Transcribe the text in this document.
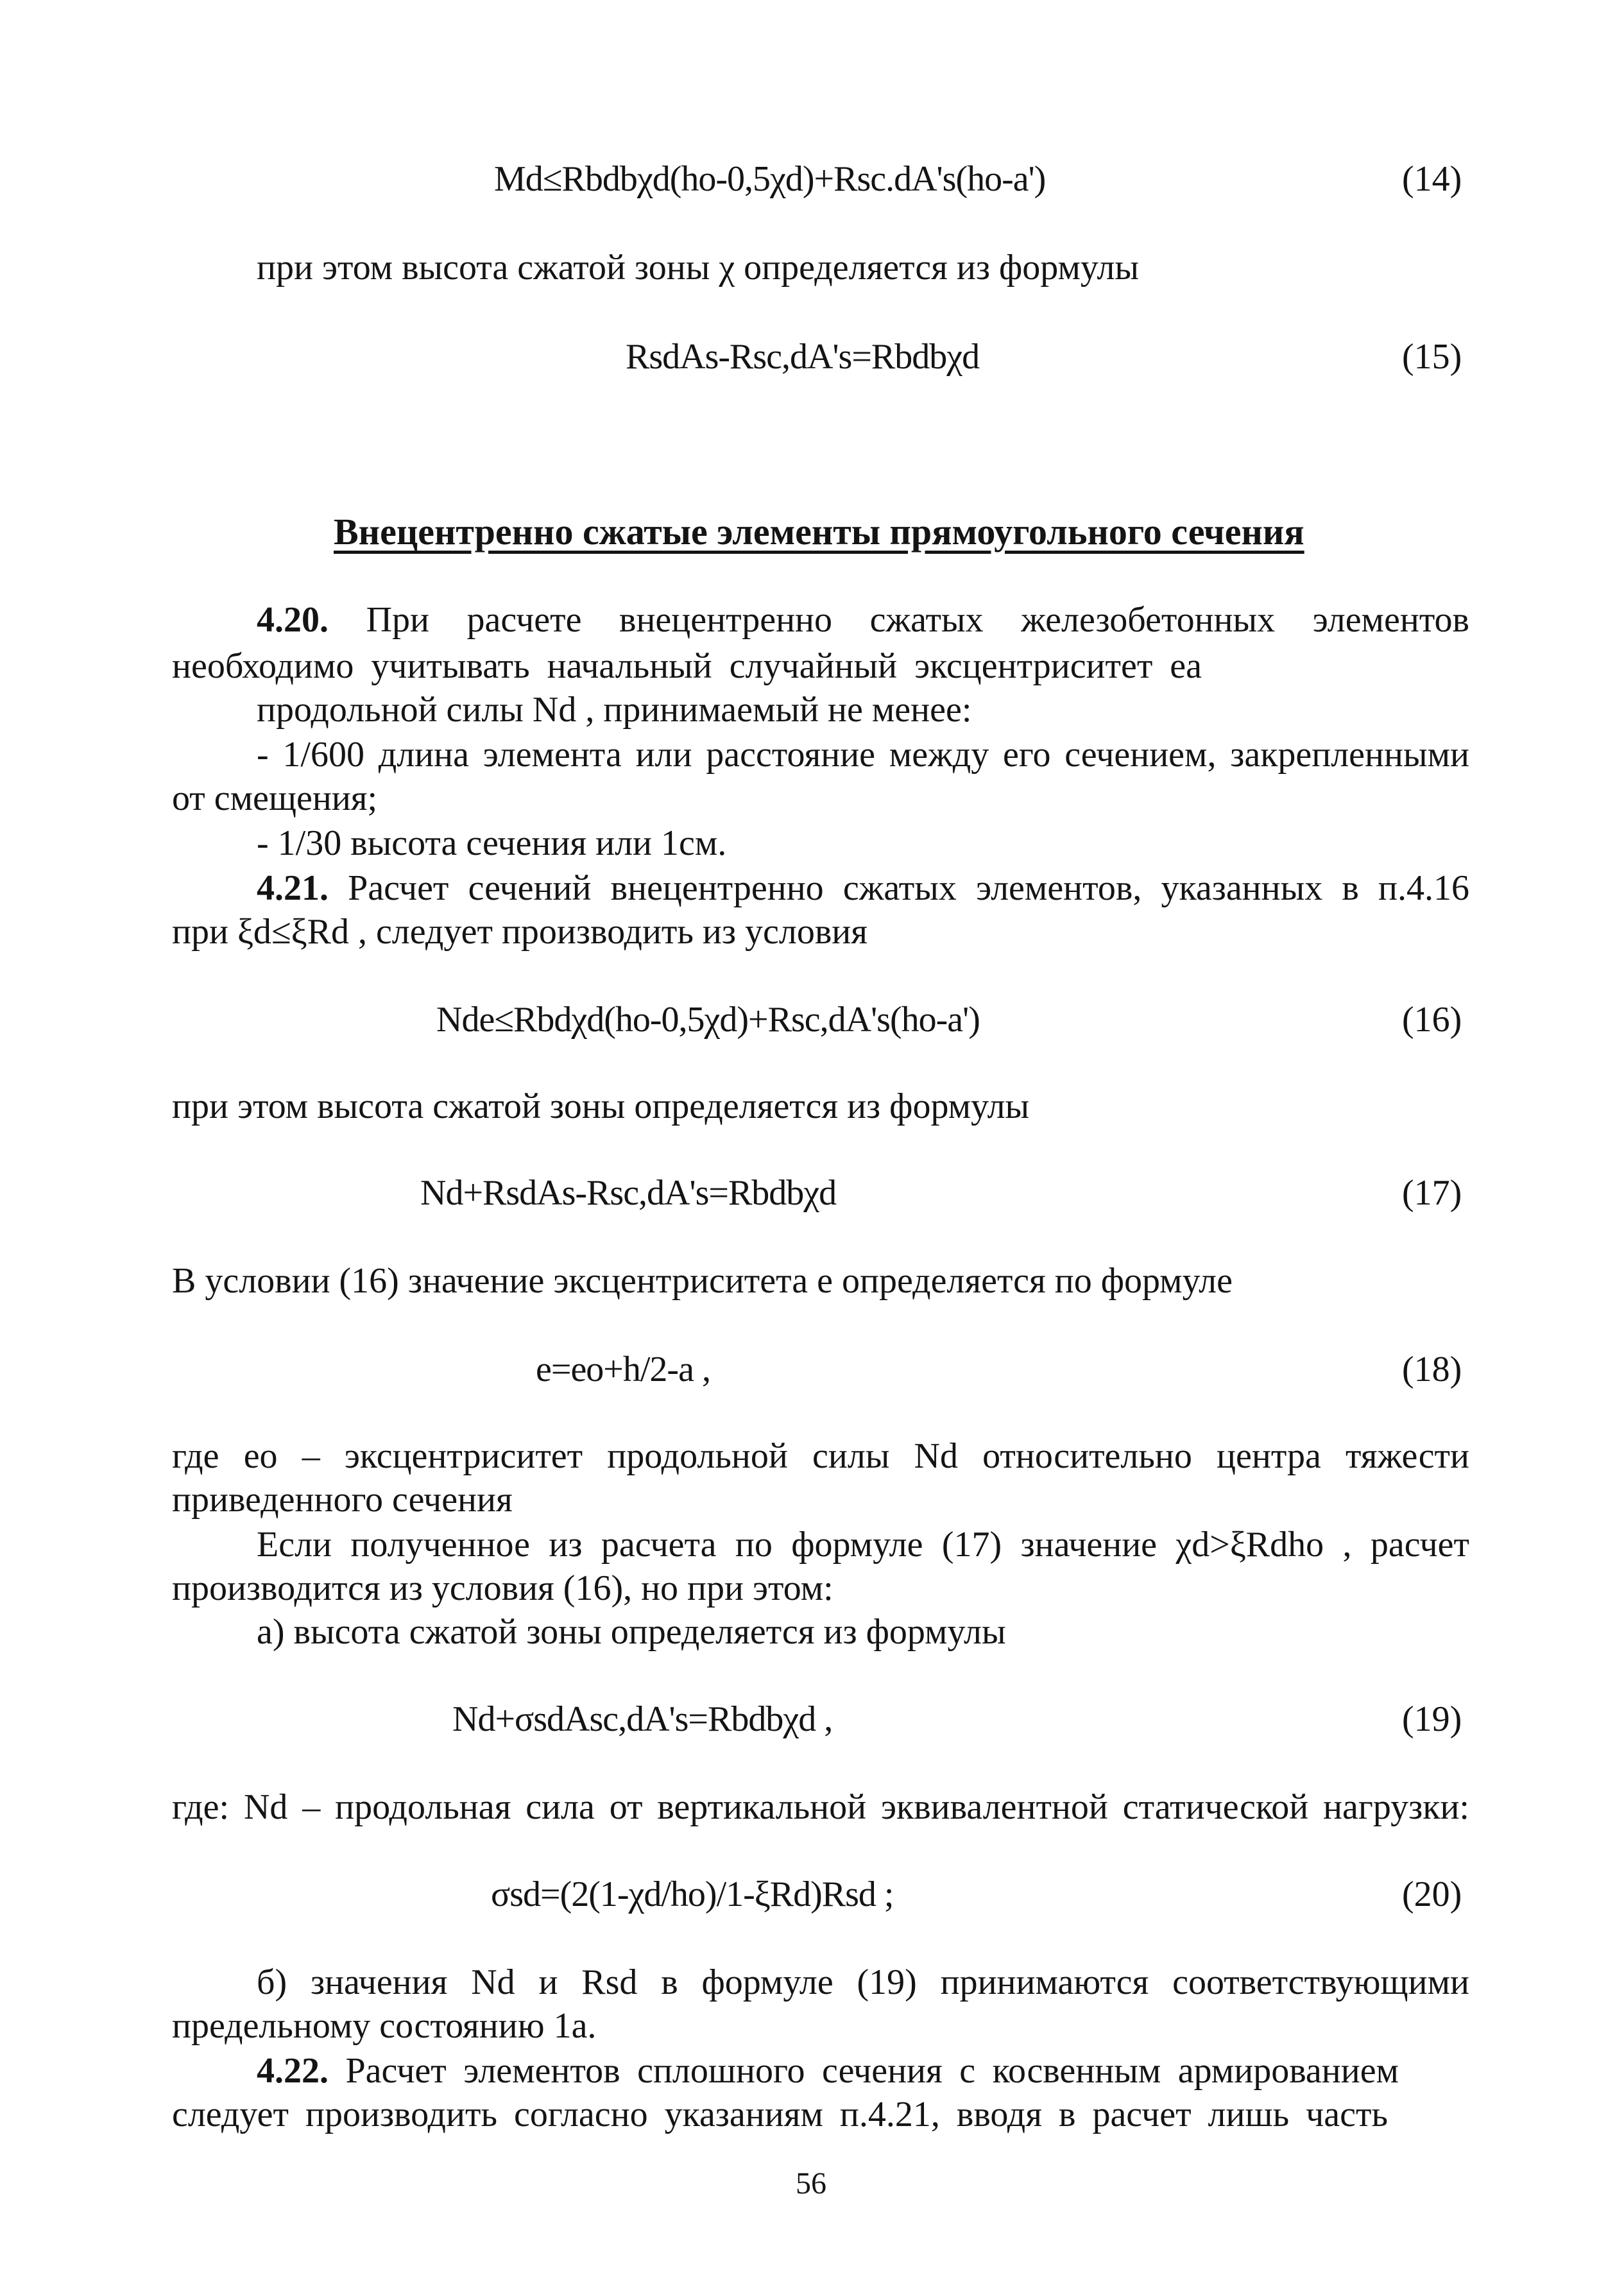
Md≤Rbdbχd(ho-0,5χd)+Rsc.dA's(ho-a')	(14)
при этом высота сжатой зоны χ определяется из формулы
RsdAs-Rsc,dA's=Rbdbχd	(15)
Внецентренно сжатые элементы прямоугольного сечения
4.20. При расчете внецентренно сжатых железобетонных элементов
необходимо учитывать начальный случайный эксцентриситет eа
продольной силы Nd , принимаемый не менее:
- 1/600 длина элемента или расстояние между его сечением, закрепленными
от смещения;
- 1/30 высота сечения или 1см.
4.21. Расчет сечений внецентренно сжатых элементов, указанных в п.4.16
при ξd≤ξRd , следует производить из условия
Nde≤Rbdχd(ho-0,5χd)+Rsc,dA's(ho-a')	(16)
при этом высота сжатой зоны определяется из формулы
Nd+RsdAs-Rsc,dA's=Rbdbχd	(17)
В условии (16) значение эксцентриситета e определяется по формуле
e=eo+h/2-a ,	(18)
где eo – эксцентриситет продольной силы Nd относительно центра тяжести
приведенного сечения
Если полученное из расчета по формуле (17) значение χd>ξRdho , расчет
производится из условия (16), но при этом:
а) высота сжатой зоны определяется из формулы
Nd+σsdAsc,dA's=Rbdbχd ,	(19)
где: Nd – продольная сила от вертикальной эквивалентной статической нагрузки:
σsd=(2(1-χd/ho)/1-ξRd)Rsd ;	(20)
б) значения Nd и Rsd в формуле (19) принимаются соответствующими
предельному состоянию 1а.
4.22. Расчет элементов сплошного сечения с косвенным армированием
следует производить согласно указаниям п.4.21, вводя в расчет лишь часть
56
